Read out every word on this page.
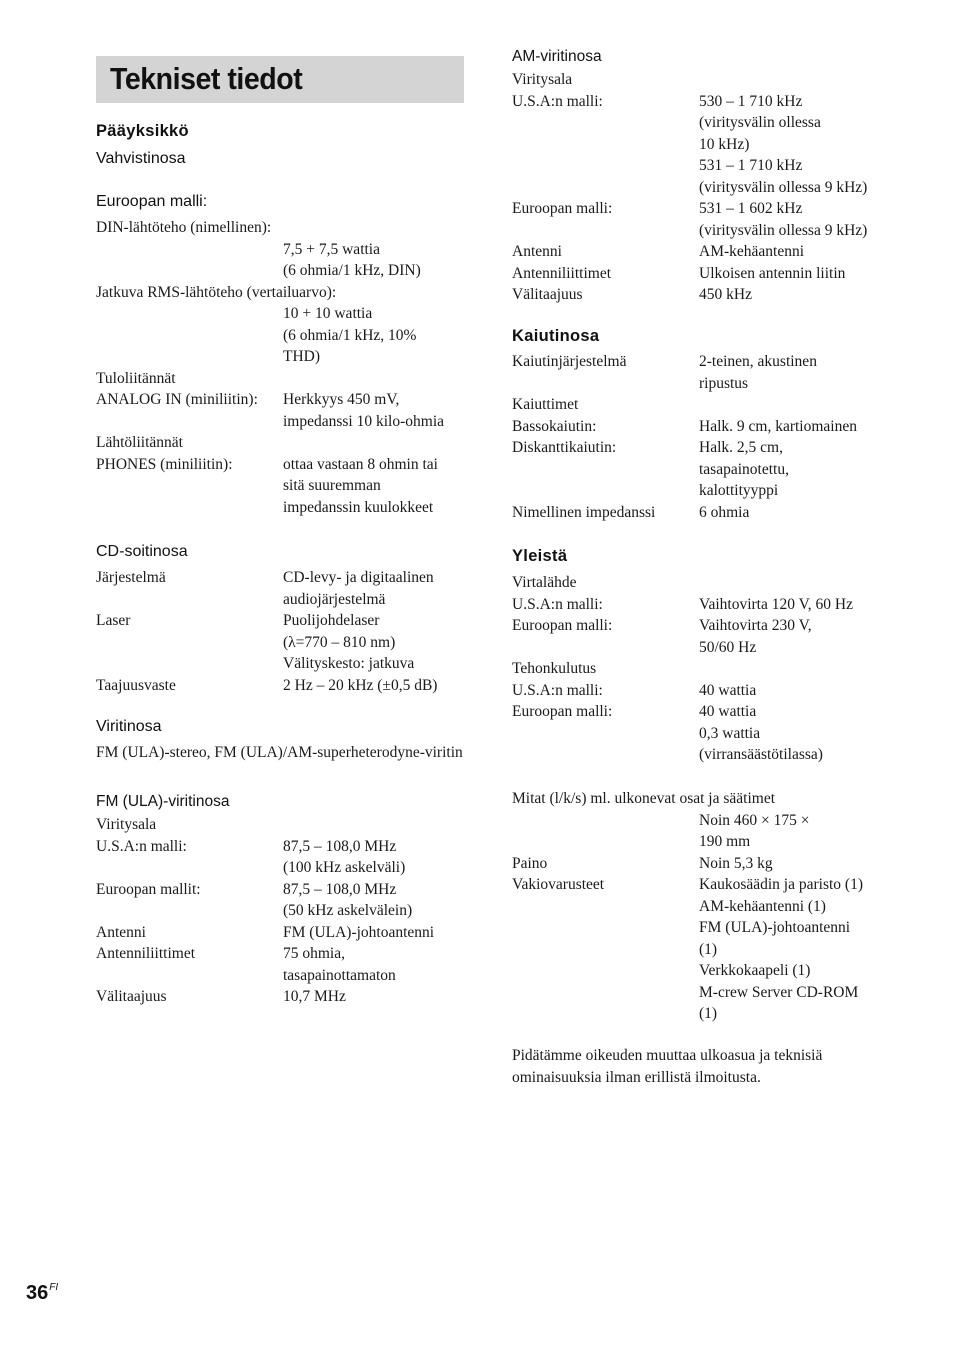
Tekniset tiedot
Pääyksikkö
Vahvistinosa
Euroopan malli:
DIN-lähtöteho (nimellinen):
7,5 + 7,5 wattia
(6 ohmia/1 kHz, DIN)
Jatkuva RMS-lähtöteho (vertailuarvo):
10 + 10 wattia
(6 ohmia/1 kHz, 10%
THD)
Tuloliitännät
ANALOG IN (miniliitin): Herkkyys 450 mV,
impedanssi 10 kilo-ohmia
Lähtöliitännät
PHONES (miniliitin):	ottaa vastaan 8 ohmin tai
sitä suuremman
impedanssin kuulokkeet
CD-soitinosa
Järjestelmä	CD-levy- ja digitaalinen
audiojärjestelmä
Laser	Puolijohdelaser
(λ=770 – 810 nm)
Välityskesto: jatkuva
Taajuusvaste	2 Hz – 20 kHz (±0,5 dB)
Viritinosa
FM (ULA)-stereo, FM (ULA)/AM-superheterodyne-viritin
FM (ULA)-viritinosa
Viritysala
U.S.A:n malli:	87,5 – 108,0 MHz
(100 kHz askelväli)
Euroopan mallit:	87,5 – 108,0 MHz
(50 kHz askelvälein)
Antenni	FM (ULA)-johtoantenni
Antenniliittimet	75 ohmia,
tasapainottamaton
Välitaajuus	10,7 MHz
AM-viritinosa
Viritysala
U.S.A:n malli:	530 – 1 710 kHz
(viritysvälin ollessa
10 kHz)
531 – 1 710 kHz
(viritysvälin ollessa 9 kHz)
Euroopan malli:	531 – 1 602 kHz
(viritysvälin ollessa 9 kHz)
Antenni	AM-kehäantenni
Antenniliittimet	Ulkoisen antennin liitin
Välitaajuus	450 kHz
Kaiutinosa
Kaiutinjärjestelmä	2-teinen, akustinen
ripustus
Kaiuttimet
Bassokaiutin:	Halk. 9 cm, kartiomainen
Diskanttikaiutin:	Halk. 2,5 cm,
tasapainotettu,
kalottityyppi
Nimellinen impedanssi	6 ohmia
Yleistä
Virtalähde
U.S.A:n malli:	Vaihtovirta 120 V, 60 Hz
Euroopan malli:	Vaihtovirta 230 V,
50/60 Hz
Tehonkulutus
U.S.A:n malli:	40 wattia
Euroopan malli:	40 wattia
0,3 wattia
(virransäästötilassa)
Mitat (l/k/s) ml. ulkonevat osat ja säätimet
Noin 460 × 175 ×
190 mm
Paino	Noin 5,3 kg
Vakiovarusteet	Kaukosäädin ja paristo (1)
AM-kehäantenni (1)
FM (ULA)-johtoantenni
(1)
Verkkokaapeli (1)
M-crew Server CD-ROM
(1)
Pidätämme oikeuden muuttaa ulkoasua ja teknisiä ominaisuuksia ilman erillistä ilmoitusta.
$36^{FI}$
